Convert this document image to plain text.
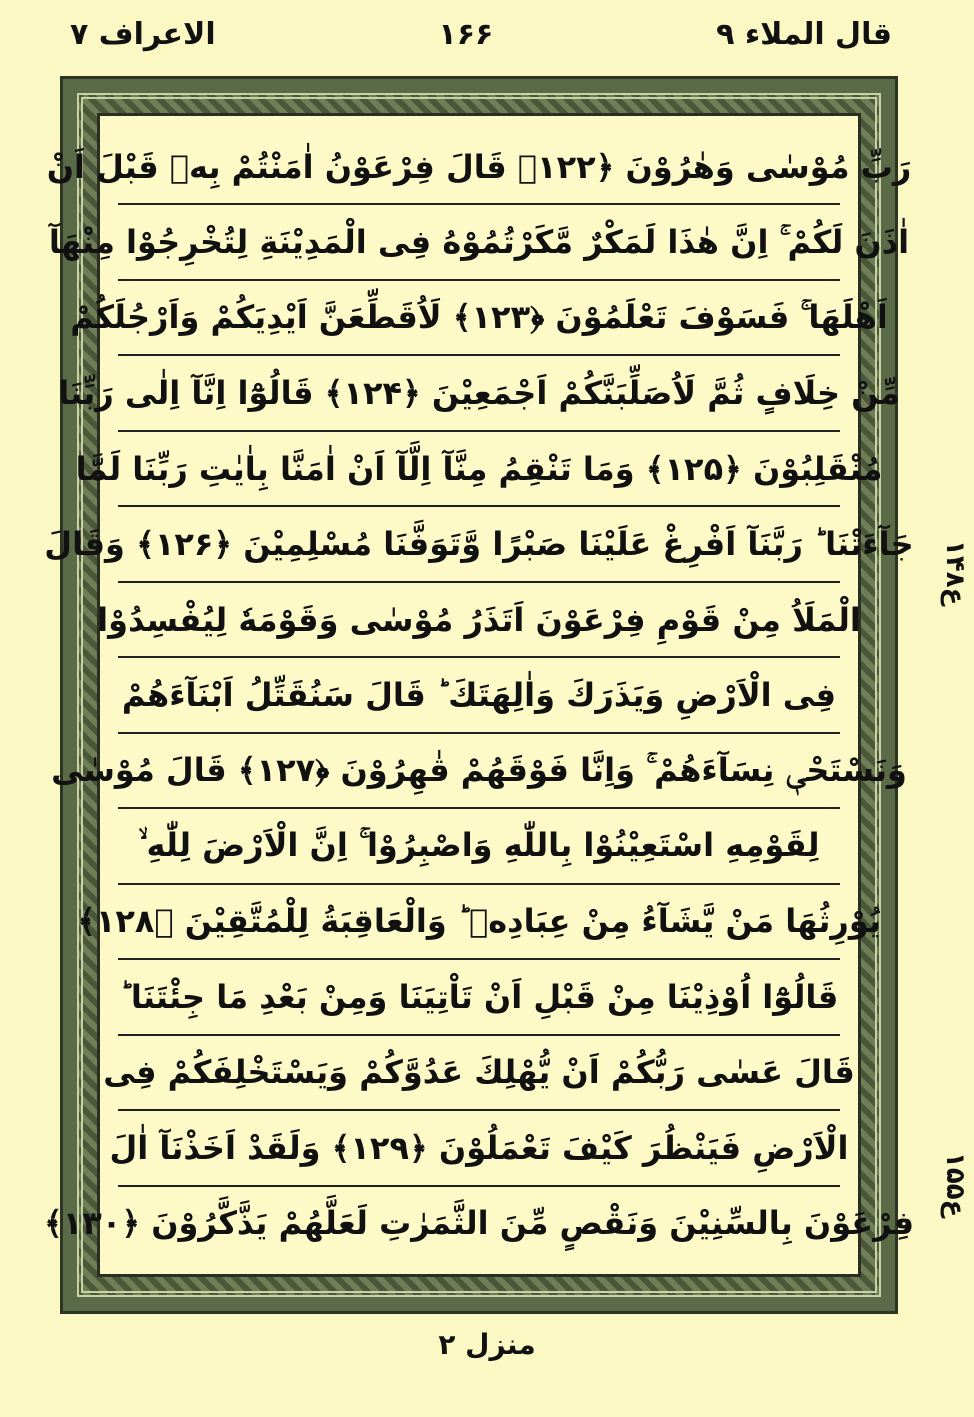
قال الملاء ۹
۱۶۶
الاعراف ۷
رَبِّ مُوْسٰى وَهٰرُوْنَ ﴿۱۲۲﴾ قَالَ فِرْعَوْنُ اٰمَنْتُمْ بِهٖ قَبْلَ اَنْ
اٰذَنَ لَكُمْ ۚ اِنَّ هٰذَا لَمَكْرٌ مَّكَرْتُمُوْهُ فِى الْمَدِيْنَةِ لِتُخْرِجُوْا مِنْهَآ
اَهْلَهَا ۚ فَسَوْفَ تَعْلَمُوْنَ ﴿۱۲۳﴾ لَاُقَطِّعَنَّ اَيْدِيَكُمْ وَاَرْجُلَكُمْ
مِّنْ خِلَافٍ ثُمَّ لَاُصَلِّبَنَّكُمْ اَجْمَعِيْنَ ﴿۱۲۴﴾ قَالُوْٓا اِنَّآ اِلٰى رَبِّنَا
مُنْقَلِبُوْنَ ﴿۱۲۵﴾ وَمَا تَنْقِمُ مِنَّآ اِلَّآ اَنْ اٰمَنَّا بِاٰيٰتِ رَبِّنَا لَمَّا
جَآءَتْنَا ؕ رَبَّنَآ اَفْرِغْ عَلَيْنَا صَبْرًا وَّتَوَفَّنَا مُسْلِمِيْنَ ﴿۱۲۶﴾ وَقَالَ
الْمَلَاُ مِنْ قَوْمِ فِرْعَوْنَ اَتَذَرُ مُوْسٰى وَقَوْمَهٗ لِيُفْسِدُوْا
فِى الْاَرْضِ وَيَذَرَكَ وَاٰلِهَتَكَ ؕ قَالَ سَنُقَتِّلُ اَبْنَآءَهُمْ
وَنَسْتَحْىٖ نِسَآءَهُمْ ۚ وَاِنَّا فَوْقَهُمْ قٰهِرُوْنَ ﴿۱۲۷﴾ قَالَ مُوْسٰى
لِقَوْمِهِ اسْتَعِيْنُوْا بِاللّٰهِ وَاصْبِرُوْا ۚ اِنَّ الْاَرْضَ لِلّٰهِ ۙ
يُوْرِثُهَا مَنْ يَّشَآءُ مِنْ عِبَادِهٖ ؕ وَالْعَاقِبَةُ لِلْمُتَّقِيْنَ ﴿۱۲۸﴾
قَالُوْٓا اُوْذِيْنَا مِنْ قَبْلِ اَنْ تَاْتِيَنَا وَمِنْ بَعْدِ مَا جِئْتَنَا ؕ
قَالَ عَسٰى رَبُّكُمْ اَنْ يُّهْلِكَ عَدُوَّكُمْ وَيَسْتَخْلِفَكُمْ فِى
الْاَرْضِ فَيَنْظُرَ كَيْفَ تَعْمَلُوْنَ ﴿۱۲۹﴾ وَلَقَدْ اَخَذْنَآ اٰلَ
فِرْعَوْنَ بِالسِّنِيْنَ وَنَقْصٍ مِّنَ الثَّمَرٰتِ لَعَلَّهُمْ يَذَّكَّرُوْنَ ﴿۱۳۰﴾
۱۴ع۸
۱۵ع۵
منزل ۲
